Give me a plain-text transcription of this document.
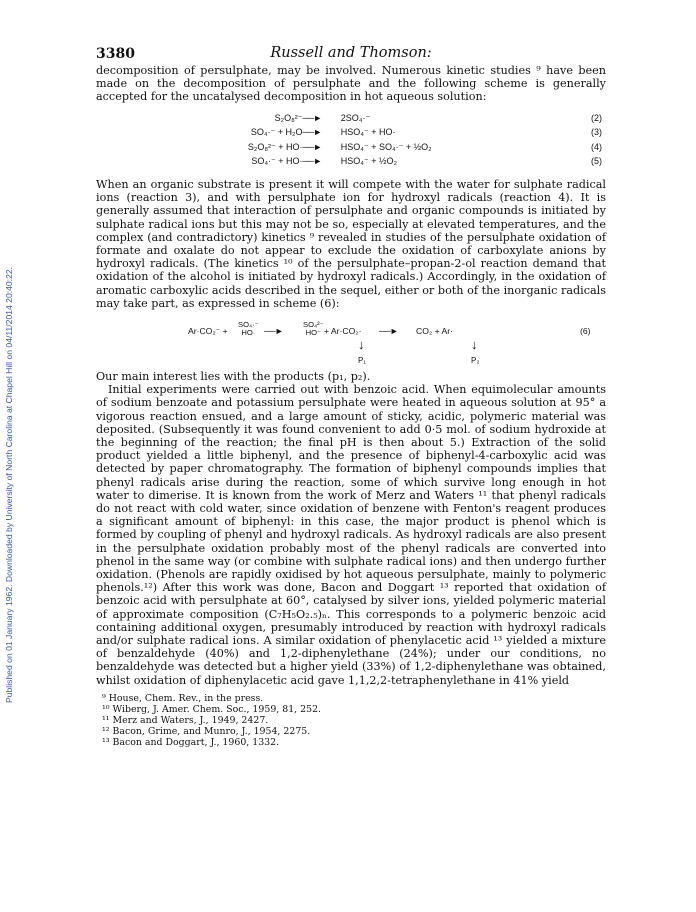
Published on 01 January 1962. Downloaded by University of North Carolina at Chapel Hill on 04/11/2014 20:40:22.
3380	Russell and Thomson:

decomposition of persulphate, may be involved. Numerous kinetic studies ⁹ have been made on the decomposition of persulphate and the following scheme is generally accepted for the uncatalysed decomposition in hot aqueous solution:

S₂O₈²⁻ ──► 2SO₄·⁻	(2)
SO₄·⁻ + H₂O ──► HSO₄⁻ + HO·	(3)
S₂O₈²⁻ + HO· ──► HSO₄⁻ + SO₄·⁻ + ½O₂	(4)
SO₄·⁻ + HO· ──► HSO₄⁻ + ½O₂	(5)

When an organic substrate is present it will compete with the water for sulphate radical ions (reaction 3), and with persulphate ion for hydroxyl radicals (reaction 4). It is generally assumed that interaction of persulphate and organic compounds is initiated by sulphate radical ions but this may not be so, especially at elevated temperatures, and the complex (and contradictory) kinetics ⁹ revealed in studies of the persulphate oxidation of formate and oxalate do not appear to exclude the oxidation of carboxylate anions by hydroxyl radicals. (The kinetics ¹⁰ of the persulphate–propan-2-ol reaction demand that oxidation of the alcohol is initiated by hydroxyl radicals.) Accordingly, in the oxidation of aromatic carboxylic acids described in the sequel, either or both of the inorganic radicals may take part, as expressed in scheme (6):

Ar·CO₂⁻ +
SO₄·⁻
HO· ──►
SO₄²⁻
HO⁻ + Ar·CO₂· ──► CO₂ + Ar·	(6)
↓	↓
P₁	P₂

Our main interest lies with the products (p₁, p₂).

Initial experiments were carried out with benzoic acid. When equimolecular amounts of sodium benzoate and potassium persulphate were heated in aqueous solution at 95° a vigorous reaction ensued, and a large amount of sticky, acidic, polymeric material was deposited. (Subsequently it was found convenient to add 0·5 mol. of sodium hydroxide at the beginning of the reaction; the final pH is then about 5.) Extraction of the solid product yielded a little biphenyl, and the presence of biphenyl-4-carboxylic acid was detected by paper chromatography. The formation of biphenyl compounds implies that phenyl radicals arise during the reaction, some of which survive long enough in hot water to dimerise. It is known from the work of Merz and Waters ¹¹ that phenyl radicals do not react with cold water, since oxidation of benzene with Fenton's reagent produces a significant amount of biphenyl: in this case, the major product is phenol which is formed by coupling of phenyl and hydroxyl radicals. As hydroxyl radicals are also present in the persulphate oxidation probably most of the phenyl radicals are converted into phenol in the same way (or combine with sulphate radical ions) and then undergo further oxidation. (Phenols are rapidly oxidised by hot aqueous persulphate, mainly to polymeric phenols.¹²) After this work was done, Bacon and Doggart ¹³ reported that oxidation of benzoic acid with persulphate at 60°, catalysed by silver ions, yielded polymeric material of approximate composition (C₇H₅O₂.₅)ₙ. This corresponds to a polymeric benzoic acid containing additional oxygen, presumably introduced by reaction with hydroxyl radicals and/or sulphate radical ions. A similar oxidation of phenylacetic acid ¹³ yielded a mixture of benzaldehyde (40%) and 1,2-diphenylethane (24%); under our conditions, no benzaldehyde was detected but a higher yield (33%) of 1,2-diphenylethane was obtained, whilst oxidation of diphenylacetic acid gave 1,1,2,2-tetraphenylethane in 41% yield

⁹ House, Chem. Rev., in the press.
¹⁰ Wiberg, J. Amer. Chem. Soc., 1959, 81, 252.
¹¹ Merz and Waters, J., 1949, 2427.
¹² Bacon, Grime, and Munro, J., 1954, 2275.
¹³ Bacon and Doggart, J., 1960, 1332.
